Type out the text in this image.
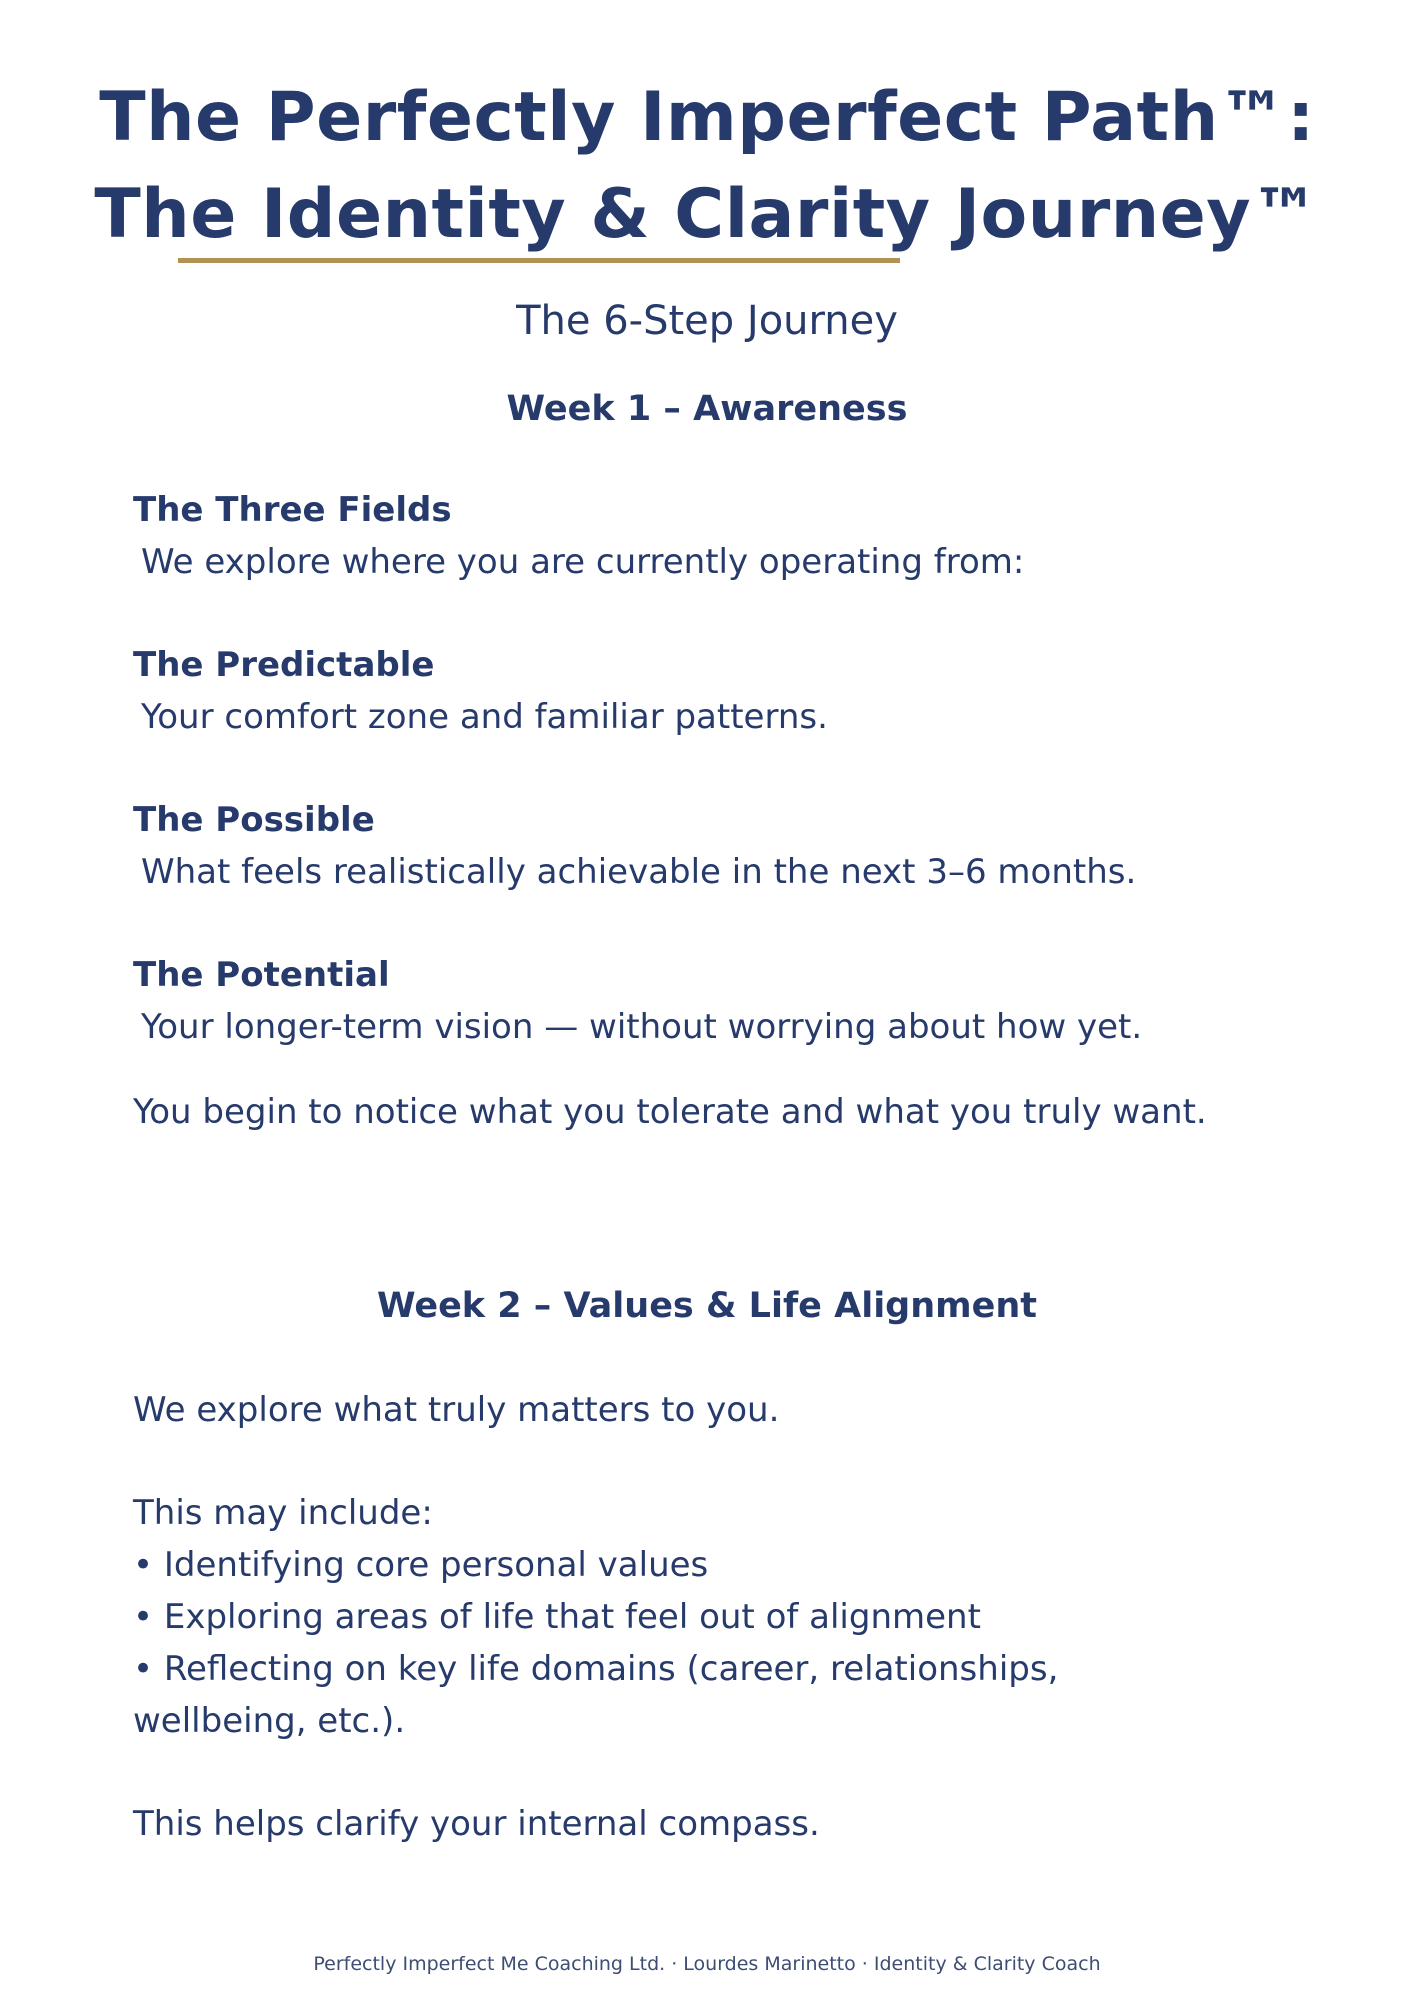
The Perfectly Imperfect Path™:
The Identity & Clarity Journey™
The 6-Step Journey
Week 1 – Awareness
The Three Fields
We explore where you are currently operating from:
The Predictable
Your comfort zone and familiar patterns.
The Possible
What feels realistically achievable in the next 3–6 months.
The Potential
Your longer-term vision — without worrying about how yet.
You begin to notice what you tolerate and what you truly want.
Week 2 – Values & Life Alignment
We explore what truly matters to you.
This may include:
• Identifying core personal values
• Exploring areas of life that feel out of alignment
• Reflecting on key life domains (career, relationships,
wellbeing, etc.).
This helps clarify your internal compass.
Perfectly Imperfect Me Coaching Ltd. · Lourdes Marinetto · Identity & Clarity Coach
